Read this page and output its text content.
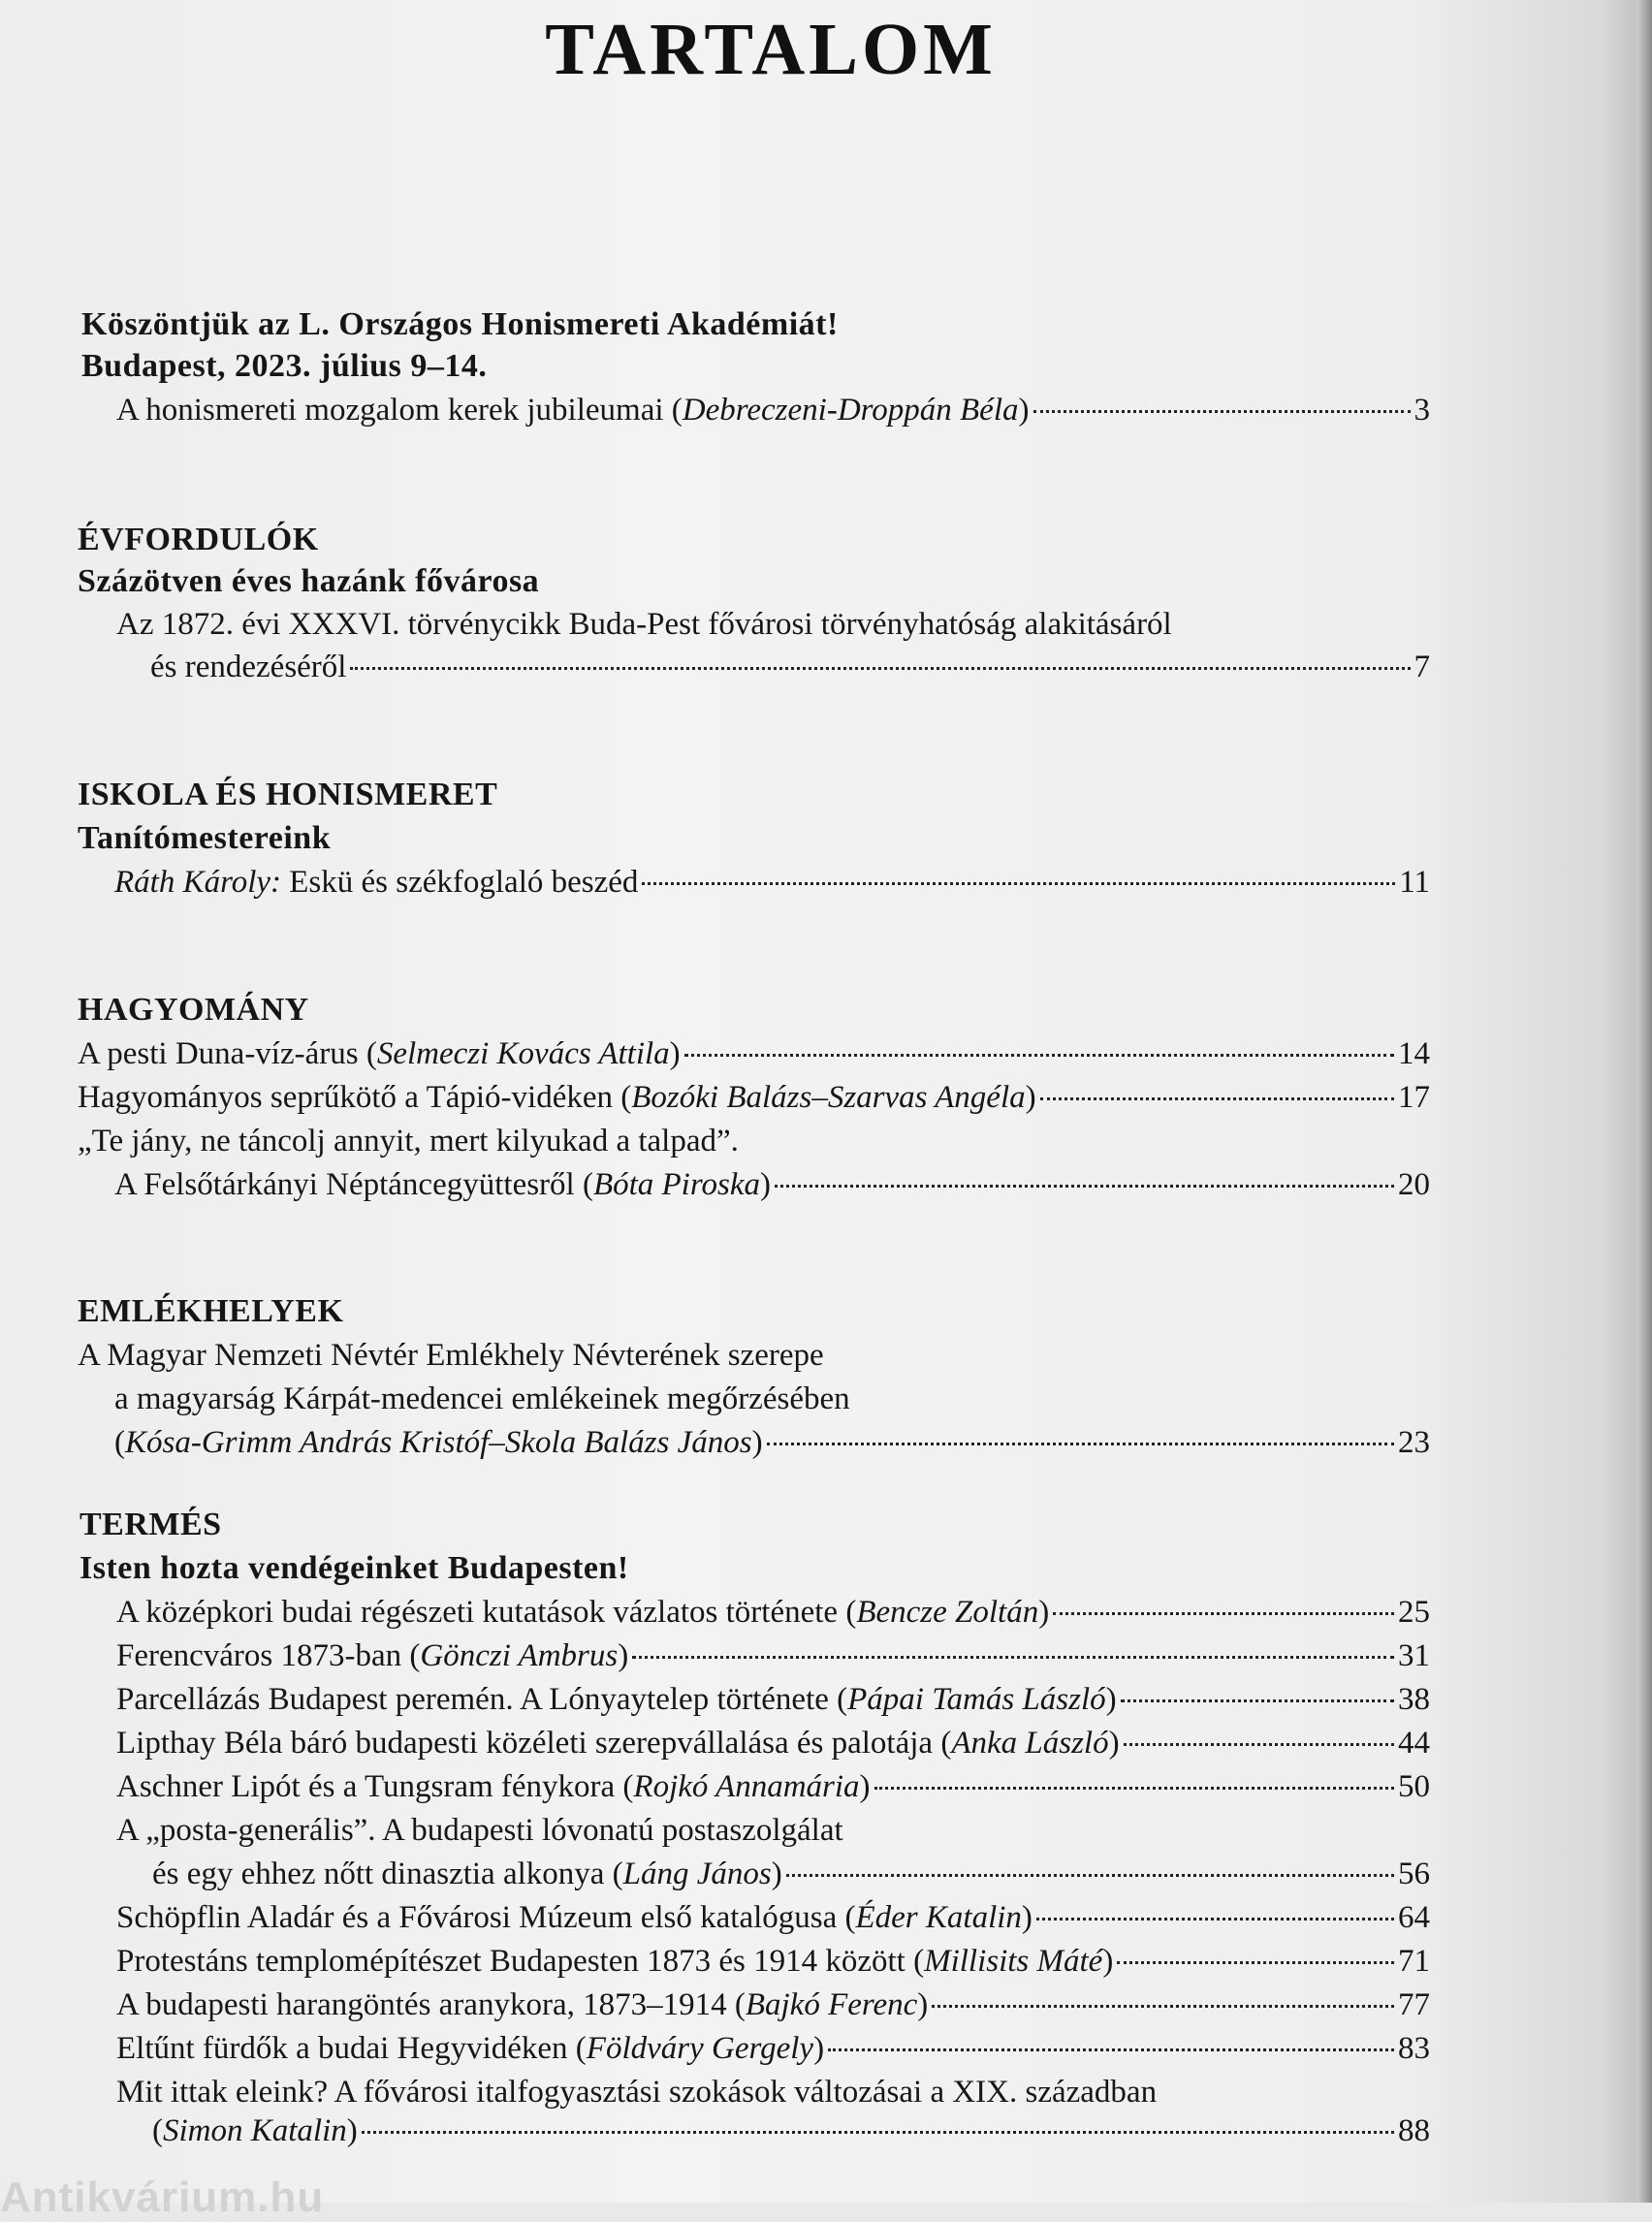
TARTALOM
Köszöntjük az L. Országos Honismereti Akadémiát!
Budapest, 2023. július 9–14.
A honismereti mozgalom kerek jubileumai (Debreczeni-Droppán Béla)	3
ÉVFORDULÓK
Százötven éves hazánk fővárosa
Az 1872. évi XXXVI. törvénycikk Buda-Pest fővárosi törvényhatóság alakitásáról
és rendezéséről	7
ISKOLA ÉS HONISMERET
Tanítómestereink
Ráth Károly: Eskü és székfoglaló beszéd	11
HAGYOMÁNY
A pesti Duna-víz-árus (Selmeczi Kovács Attila)	14
Hagyományos seprűkötő a Tápió-vidéken (Bozóki Balázs–Szarvas Angéla)	17
„Te jány, ne táncolj annyit, mert kilyukad a talpad”.
A Felsőtárkányi Néptáncegyüttesről (Bóta Piroska)	20
EMLÉKHELYEK
A Magyar Nemzeti Névtér Emlékhely Névterének szerepe
a magyarság Kárpát-medencei emlékeinek megőrzésében
(Kósa-Grimm András Kristóf–Skola Balázs János)	23
TERMÉS
Isten hozta vendégeinket Budapesten!
A középkori budai régészeti kutatások vázlatos története (Bencze Zoltán)	25
Ferencváros 1873-ban (Gönczi Ambrus)	31
Parcellázás Budapest peremén. A Lónyaytelep története (Pápai Tamás László)	38
Lipthay Béla báró budapesti közéleti szerepvállalása és palotája (Anka László)	44
Aschner Lipót és a Tungsram fénykora (Rojkó Annamária)	50
A „posta-generális”. A budapesti lóvonatú postaszolgálat
és egy ehhez nőtt dinasztia alkonya (Láng János)	56
Schöpflin Aladár és a Fővárosi Múzeum első katalógusa (Éder Katalin)	64
Protestáns templomépítészet Budapesten 1873 és 1914 között (Millisits Máté)	71
A budapesti harangöntés aranykora, 1873–1914 (Bajkó Ferenc)	77
Eltűnt fürdők a budai Hegyvidéken (Földváry Gergely)	83
Mit ittak eleink? A fővárosi italfogyasztási szokások változásai a XIX. században
(Simon Katalin)	88
Antikvárium.hu
